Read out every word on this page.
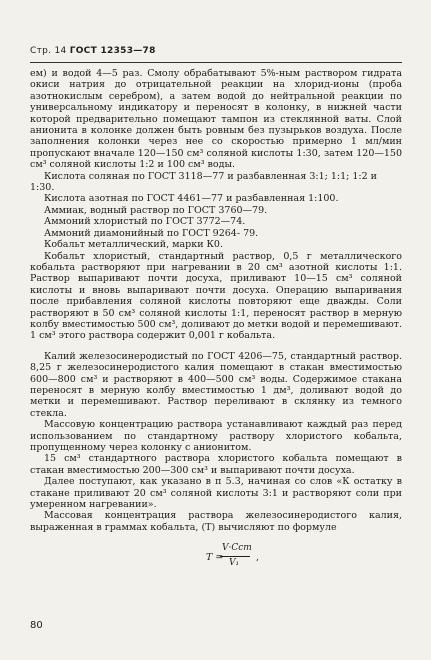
Стр. 14 ГОСТ 12353—78

ем) и водой 4—5 раз. Смолу обрабатывают 5%-ным раствором гидрата окиси натрия до отрицательной реакции на хлорид-ионы (проба азотнокислым серебром), а затем водой до нейтральной реакции по универсальному индикатору и переносят в колонку, в нижней части которой предварительно помещают тампон из стеклянной ваты. Слой анионита в колонке должен быть ровным без пузырьков воздуха. После заполнения колонки через нее со скоростью примерно 1 мл/мин пропускают вначале 120—150 см³ соляной кислоты 1:30, затем 120—150 см³ соляной кислоты 1:2 и 100 см³ воды.

Кислота соляная по ГОСТ 3118—77 и разбавленная 3:1; 1:1; 1:2 и 1:30.

Кислота азотная по ГОСТ 4461—77 и разбавленная 1:100.

Аммиак, водный раствор по ГОСТ 3760—79.

Аммоний хлористый по ГОСТ 3772—74.

Аммоний диамонийный по ГОСТ 9264- 79.

Кобальт металлический, марки К0.

Кобальт хлористый, стандартный раствор, 0,5 г металлического кобальта растворяют при нагревании в 20 см³ азотной кислоты 1:1. Раствор выпаривают почти досуха, приливают 10—15 см³ соляной кислоты и вновь выпаривают почти досуха. Операцию выпаривания после прибавления соляной кислоты повторяют еще дважды. Соли растворяют в 50 см³ соляной кислоты 1:1, переносят раствор в мерную колбу вместимостью 500 см³, доливают до метки водой и перемешивают. 1 см³ этого раствора содержит 0,001 г кобальта.

Калий железосинеродистый по ГОСТ 4206—75, стандартный раствор. 8,25 г железосинеродистого калия помещают в стакан вместимостью 600—800 см³ и растворяют в 400—500 см³ воды. Содержимое стакана переносят в мерную колбу вместимостью 1 дм³, доливают водой до метки и перемешивают. Раствор переливают в склянку из темного стекла.

Массовую концентрацию раствора устанавливают каждый раз перед использованием по стандартному раствору хлористого кобальта, пропущенному через колонку с анионитом.

15 см³ стандартного раствора хлористого кобальта помещают в стакан вместимостью 200—300 см³ и выпаривают почти досуха.

Далее поступают, как указано в п 5.3, начиная со слов «К остатку в стакане приливают 20 см³ соляной кислоты 3:1 и растворяют соли при умеренном нагревании».

Массовая концентрация раствора железосинеродистого калия, выраженная в граммах кобальта, (T) вычисляют по формуле

T =
V·Cст
V₁ ,
80
